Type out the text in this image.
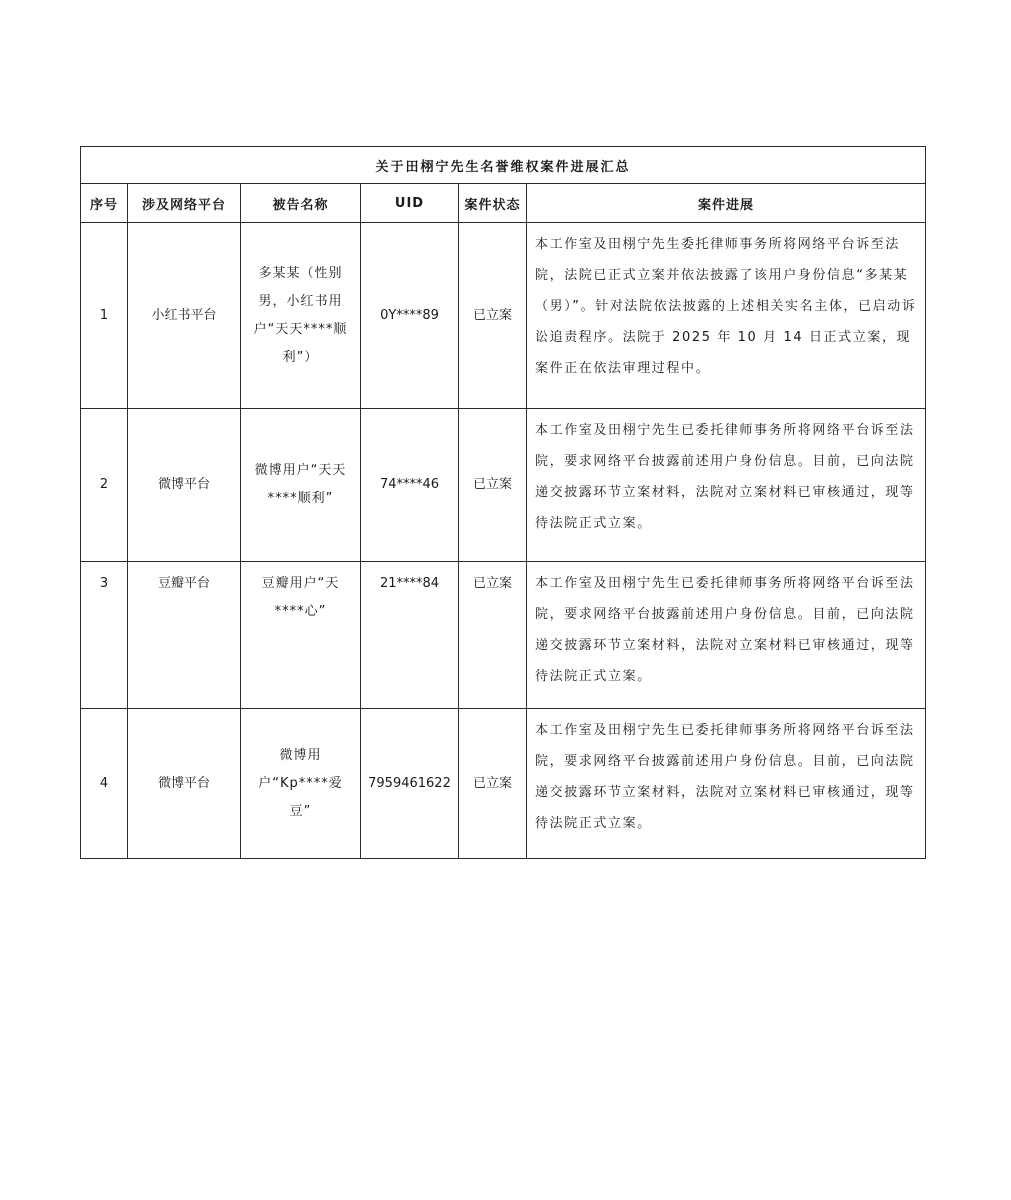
关于田栩宁先生名誉维权案件进展汇总					
序号	涉及网络平台	被告名称	UID	案件状态	案件进展
1	小红书平台	多某某（性别男，小红书用户“天天****顺利”）	0Y****89	已立案	本工作室及田栩宁先生委托律师事务所将网络平台诉至法院，法院已正式立案并依法披露了该用户身份信息“多某某（男）”。针对法院依法披露的上述相关实名主体，已启动诉讼追责程序。法院于 2025 年 10 月 14 日正式立案，现案件正在依法审理过程中。
2	微博平台	微博用户“天天****顺利”	74****46	已立案	本工作室及田栩宁先生已委托律师事务所将网络平台诉至法院，要求网络平台披露前述用户身份信息。目前，已向法院递交披露环节立案材料，法院对立案材料已审核通过，现等待法院正式立案。
3	豆瓣平台	豆瓣用户“天****心”	21****84	已立案	本工作室及田栩宁先生已委托律师事务所将网络平台诉至法院，要求网络平台披露前述用户身份信息。目前，已向法院递交披露环节立案材料，法院对立案材料已审核通过，现等待法院正式立案。
4	微博平台	微博用户“Kp****爱豆”	7959461622	已立案	本工作室及田栩宁先生已委托律师事务所将网络平台诉至法院，要求网络平台披露前述用户身份信息。目前，已向法院递交披露环节立案材料，法院对立案材料已审核通过，现等待法院正式立案。
